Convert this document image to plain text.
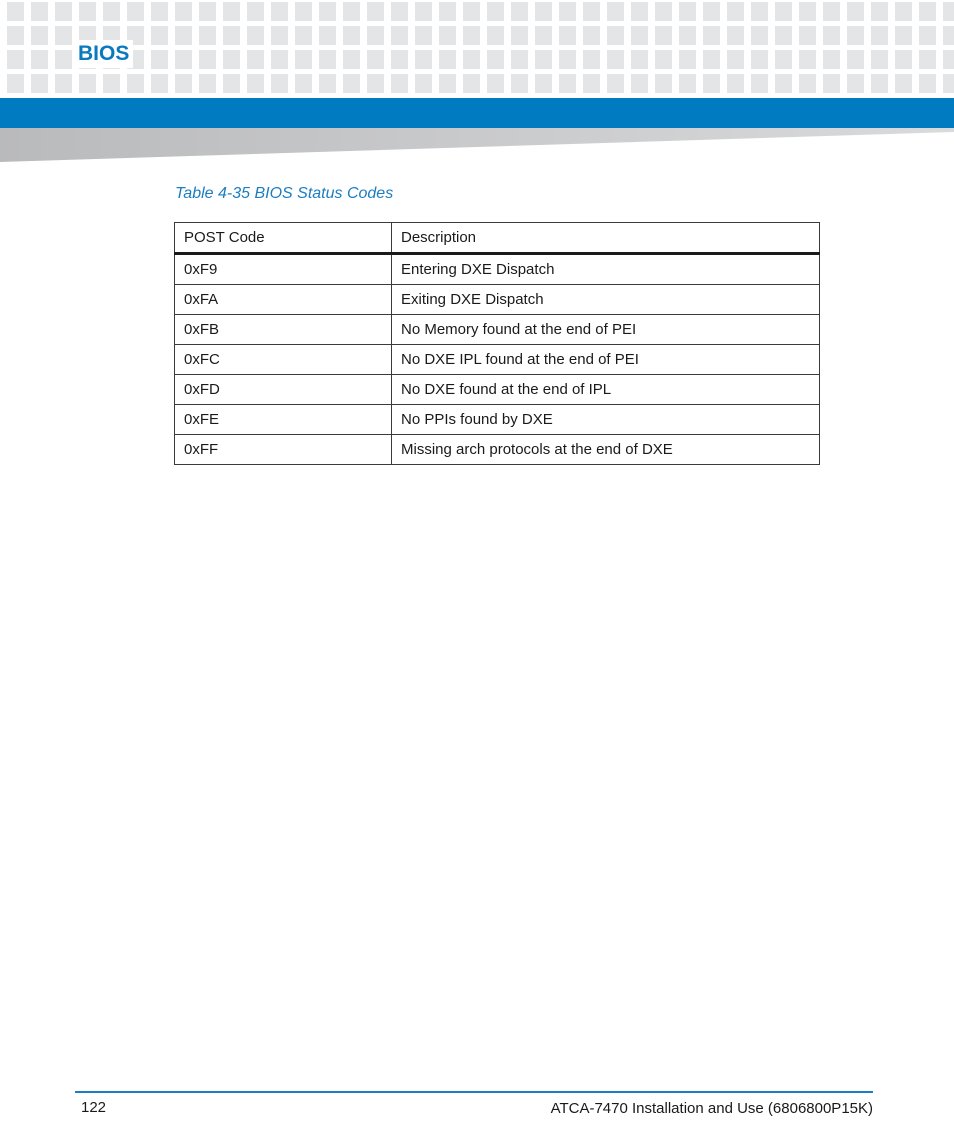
BIOS
Table 4-35 BIOS Status Codes
POST Code	Description
0xF9	Entering DXE Dispatch
0xFA	Exiting DXE Dispatch
0xFB	No Memory found at the end of PEI
0xFC	No DXE IPL found at the end of PEI
0xFD	No DXE found at the end of IPL
0xFE	No PPIs found by DXE
0xFF	Missing arch protocols at the end of DXE
122	ATCA-7470 Installation and Use (6806800P15K)
